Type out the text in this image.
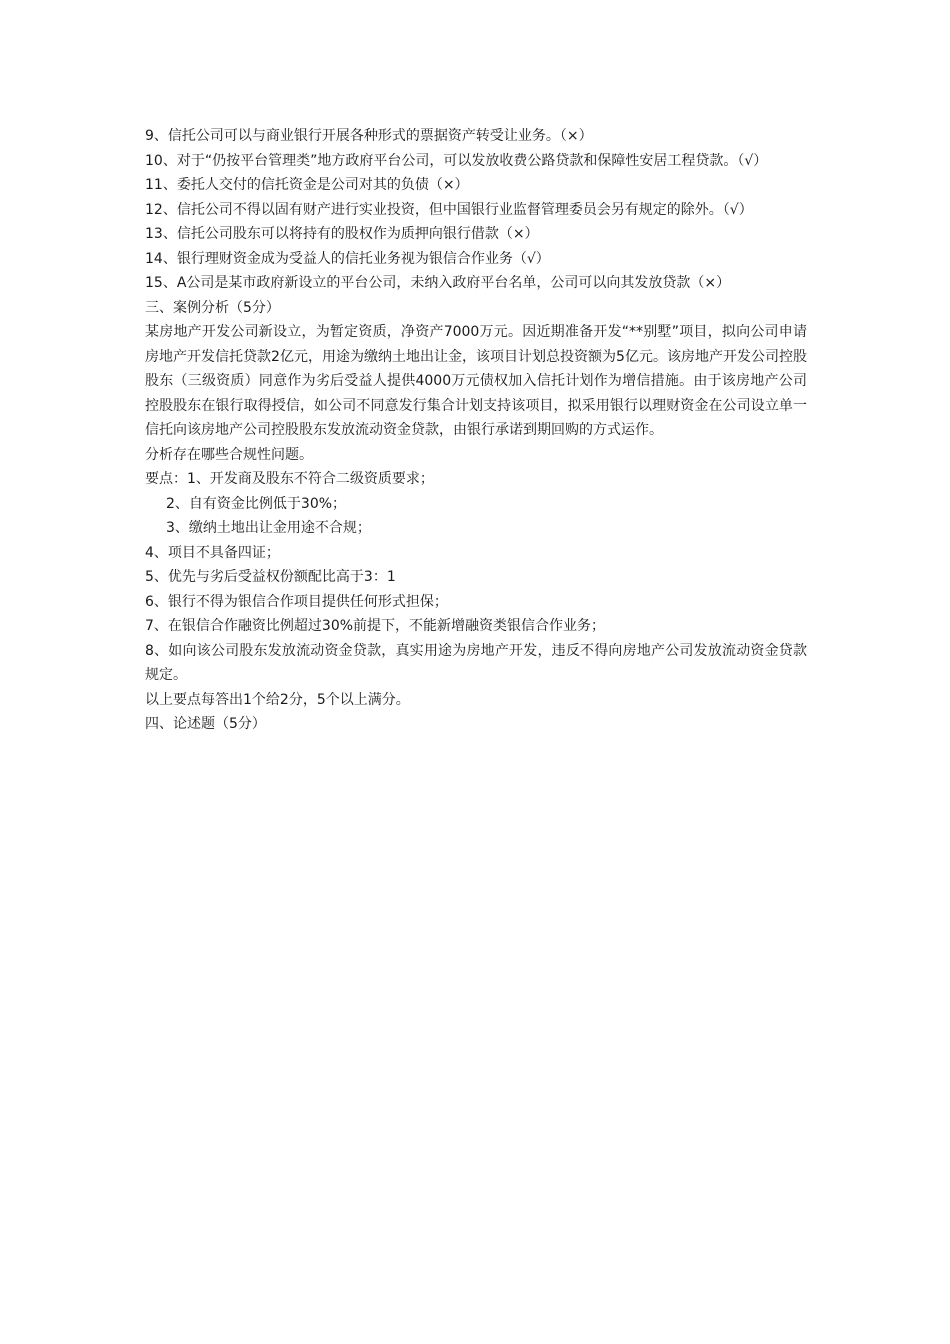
9、信托公司可以与商业银行开展各种形式的票据资产转受让业务。（×）

10、对于“仍按平台管理类”地方政府平台公司，可以发放收费公路贷款和保障性安居工程贷款。（√）

11、委托人交付的信托资金是公司对其的负债（×）

12、信托公司不得以固有财产进行实业投资，但中国银行业监督管理委员会另有规定的除外。（√）

13、信托公司股东可以将持有的股权作为质押向银行借款（×）

14、银行理财资金成为受益人的信托业务视为银信合作业务（√）

15、A公司是某市政府新设立的平台公司，未纳入政府平台名单，公司可以向其发放贷款（×）

三、案例分析（5分）

某房地产开发公司新设立，为暂定资质，净资产7000万元。因近期准备开发“**别墅”项目，拟向公司申请房地产开发信托贷款2亿元，用途为缴纳土地出让金，该项目计划总投资额为5亿元。该房地产开发公司控股股东（三级资质）同意作为劣后受益人提供4000万元债权加入信托计划作为增信措施。由于该房地产公司控股股东在银行取得授信，如公司不同意发行集合计划支持该项目，拟采用银行以理财资金在公司设立单一信托向该房地产公司控股股东发放流动资金贷款，由银行承诺到期回购的方式运作。

分析存在哪些合规性问题。

要点：1、开发商及股东不符合二级资质要求；

2、自有资金比例低于30%；

3、缴纳土地出让金用途不合规；

4、项目不具备四证；

5、优先与劣后受益权份额配比高于3：1

6、银行不得为银信合作项目提供任何形式担保；

7、在银信合作融资比例超过30%前提下，不能新增融资类银信合作业务；

8、如向该公司股东发放流动资金贷款，真实用途为房地产开发，违反不得向房地产公司发放流动资金贷款规定。

以上要点每答出1个给2分，5个以上满分。

四、论述题（5分）
